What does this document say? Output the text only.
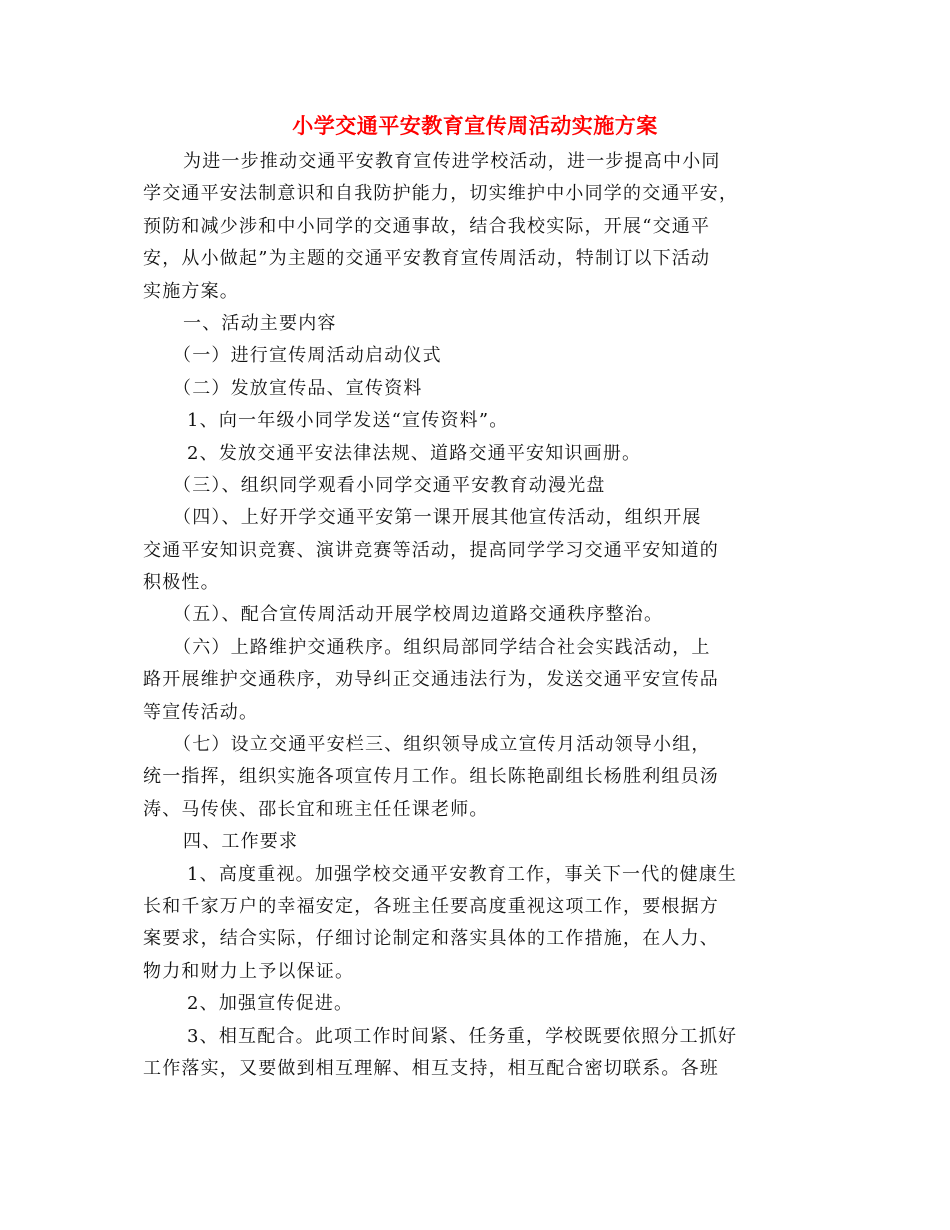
小学交通平安教育宣传周活动实施方案
为进一步推动交通平安教育宣传进学校活动，进一步提高中小同
学交通平安法制意识和自我防护能力，切实维护中小同学的交通平安，
预防和减少涉和中小同学的交通事故，结合我校实际，开展“交通平
安，从小做起”为主题的交通平安教育宣传周活动，特制订以下活动
实施方案。
一、活动主要内容
（一）进行宣传周活动启动仪式
（二）发放宣传品、宣传资料
1、向一年级小同学发送“宣传资料”。
2、发放交通平安法律法规、道路交通平安知识画册。
（三）、组织同学观看小同学交通平安教育动漫光盘
（四）、上好开学交通平安第一课开展其他宣传活动，组织开展
交通平安知识竞赛、演讲竞赛等活动，提高同学学习交通平安知道的
积极性。
（五）、配合宣传周活动开展学校周边道路交通秩序整治。
（六）上路维护交通秩序。组织局部同学结合社会实践活动，上
路开展维护交通秩序，劝导纠正交通违法行为，发送交通平安宣传品
等宣传活动。
（七）设立交通平安栏三、组织领导成立宣传月活动领导小组，
统一指挥，组织实施各项宣传月工作。组长陈艳副组长杨胜利组员汤
涛、马传侠、邵长宜和班主任任课老师。
四、工作要求
1、高度重视。加强学校交通平安教育工作，事关下一代的健康生
长和千家万户的幸福安定，各班主任要高度重视这项工作，要根据方
案要求，结合实际，仔细讨论制定和落实具体的工作措施，在人力、
物力和财力上予以保证。
2、加强宣传促进。
3、相互配合。此项工作时间紧、任务重，学校既要依照分工抓好
工作落实，又要做到相互理解、相互支持，相互配合密切联系。各班
